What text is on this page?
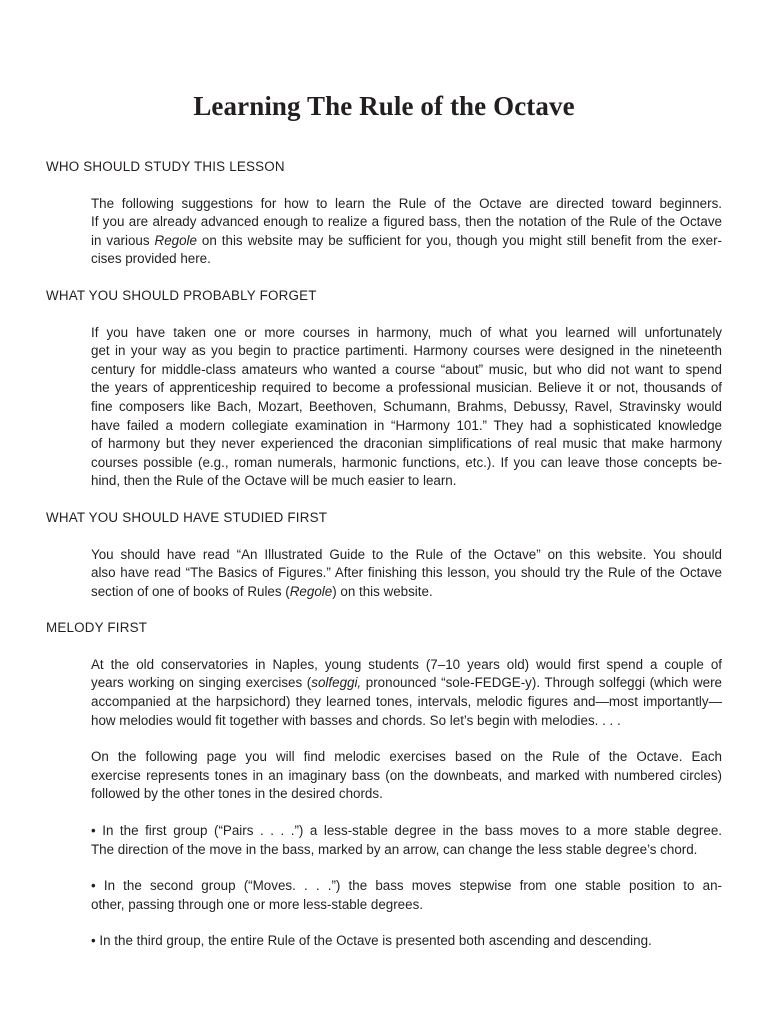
Learning The Rule of the Octave
WHO SHOULD STUDY THIS LESSON

The following suggestions for how to learn the Rule of the Octave are directed toward beginners.
If you are already advanced enough to realize a figured bass, then the notation of the Rule of the Octave
in various Regole on this website may be sufficient for you, though you might still benefit from the exer-
cises provided here.

WHAT YOU SHOULD PROBABLY FORGET

If you have taken one or more courses in harmony, much of what you learned will unfortunately
get in your way as you begin to practice partimenti. Harmony courses were designed in the nineteenth
century for middle-class amateurs who wanted a course “about” music, but who did not want to spend
the years of apprenticeship required to become a professional musician. Believe it or not, thousands of
fine composers like Bach, Mozart, Beethoven, Schumann, Brahms, Debussy, Ravel, Stravinsky would
have failed a modern collegiate examination in “Harmony 101.” They had a sophisticated knowledge
of harmony but they never experienced the draconian simplifications of real music that make harmony
courses possible (e.g., roman numerals, harmonic functions, etc.). If you can leave those concepts be-
hind, then the Rule of the Octave will be much easier to learn.

WHAT YOU SHOULD HAVE STUDIED FIRST

You should have read “An Illustrated Guide to the Rule of the Octave” on this website. You should
also have read “The Basics of Figures.” After finishing this lesson, you should try the Rule of the Octave
section of one of books of Rules (Regole) on this website.

MELODY FIRST

At the old conservatories in Naples, young students (7–10 years old) would first spend a couple of
years working on singing exercises (solfeggi, pronounced “sole-FEDGE-y). Through solfeggi (which were
accompanied at the harpsichord) they learned tones, intervals, melodic figures and—most importantly—
how melodies would fit together with basses and chords. So let’s begin with melodies. . . .

On the following page you will find melodic exercises based on the Rule of the Octave. Each
exercise represents tones in an imaginary bass (on the downbeats, and marked with numbered circles)
followed by the other tones in the desired chords.

• In the first group (“Pairs . . . .”) a less-stable degree in the bass moves to a more stable degree.
The direction of the move in the bass, marked by an arrow, can change the less stable degree’s chord.

• In the second group (“Moves. . . .”) the bass moves stepwise from one stable position to an-
other, passing through one or more less-stable degrees.

• In the third group, the entire Rule of the Octave is presented both ascending and descending.
